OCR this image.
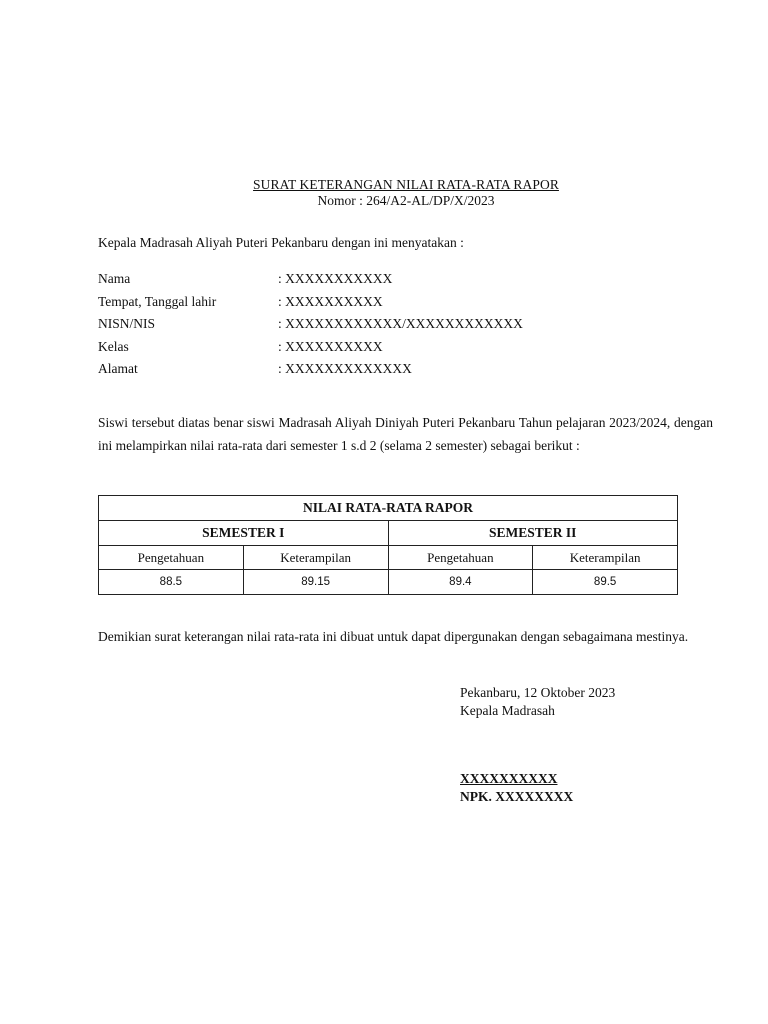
SURAT KETERANGAN NILAI RATA-RATA RAPOR
Nomor : 264/A2-AL/DP/X/2023
Kepala Madrasah Aliyah Puteri Pekanbaru dengan ini menyatakan :
Nama	: XXXXXXXXXXX
Tempat, Tanggal lahir	: XXXXXXXXXX
NISN/NIS	: XXXXXXXXXXXX/XXXXXXXXXXXX
Kelas	: XXXXXXXXXX
Alamat	: XXXXXXXXXXXXX
Siswi tersebut diatas benar siswi Madrasah Aliyah Diniyah Puteri Pekanbaru Tahun pelajaran 2023/2024, dengan ini melampirkan nilai rata-rata dari semester 1 s.d 2 (selama 2 semester) sebagai berikut :
NILAI RATA-RATA RAPOR			
SEMESTER I		SEMESTER II	
Pengetahuan	Keterampilan	Pengetahuan	Keterampilan
88.5	89.15	89.4	89.5
Demikian surat keterangan nilai rata-rata ini dibuat untuk dapat dipergunakan dengan sebagaimana mestinya.
Pekanbaru, 12 Oktober 2023
Kepala Madrasah
XXXXXXXXXX
NPK. XXXXXXXX
